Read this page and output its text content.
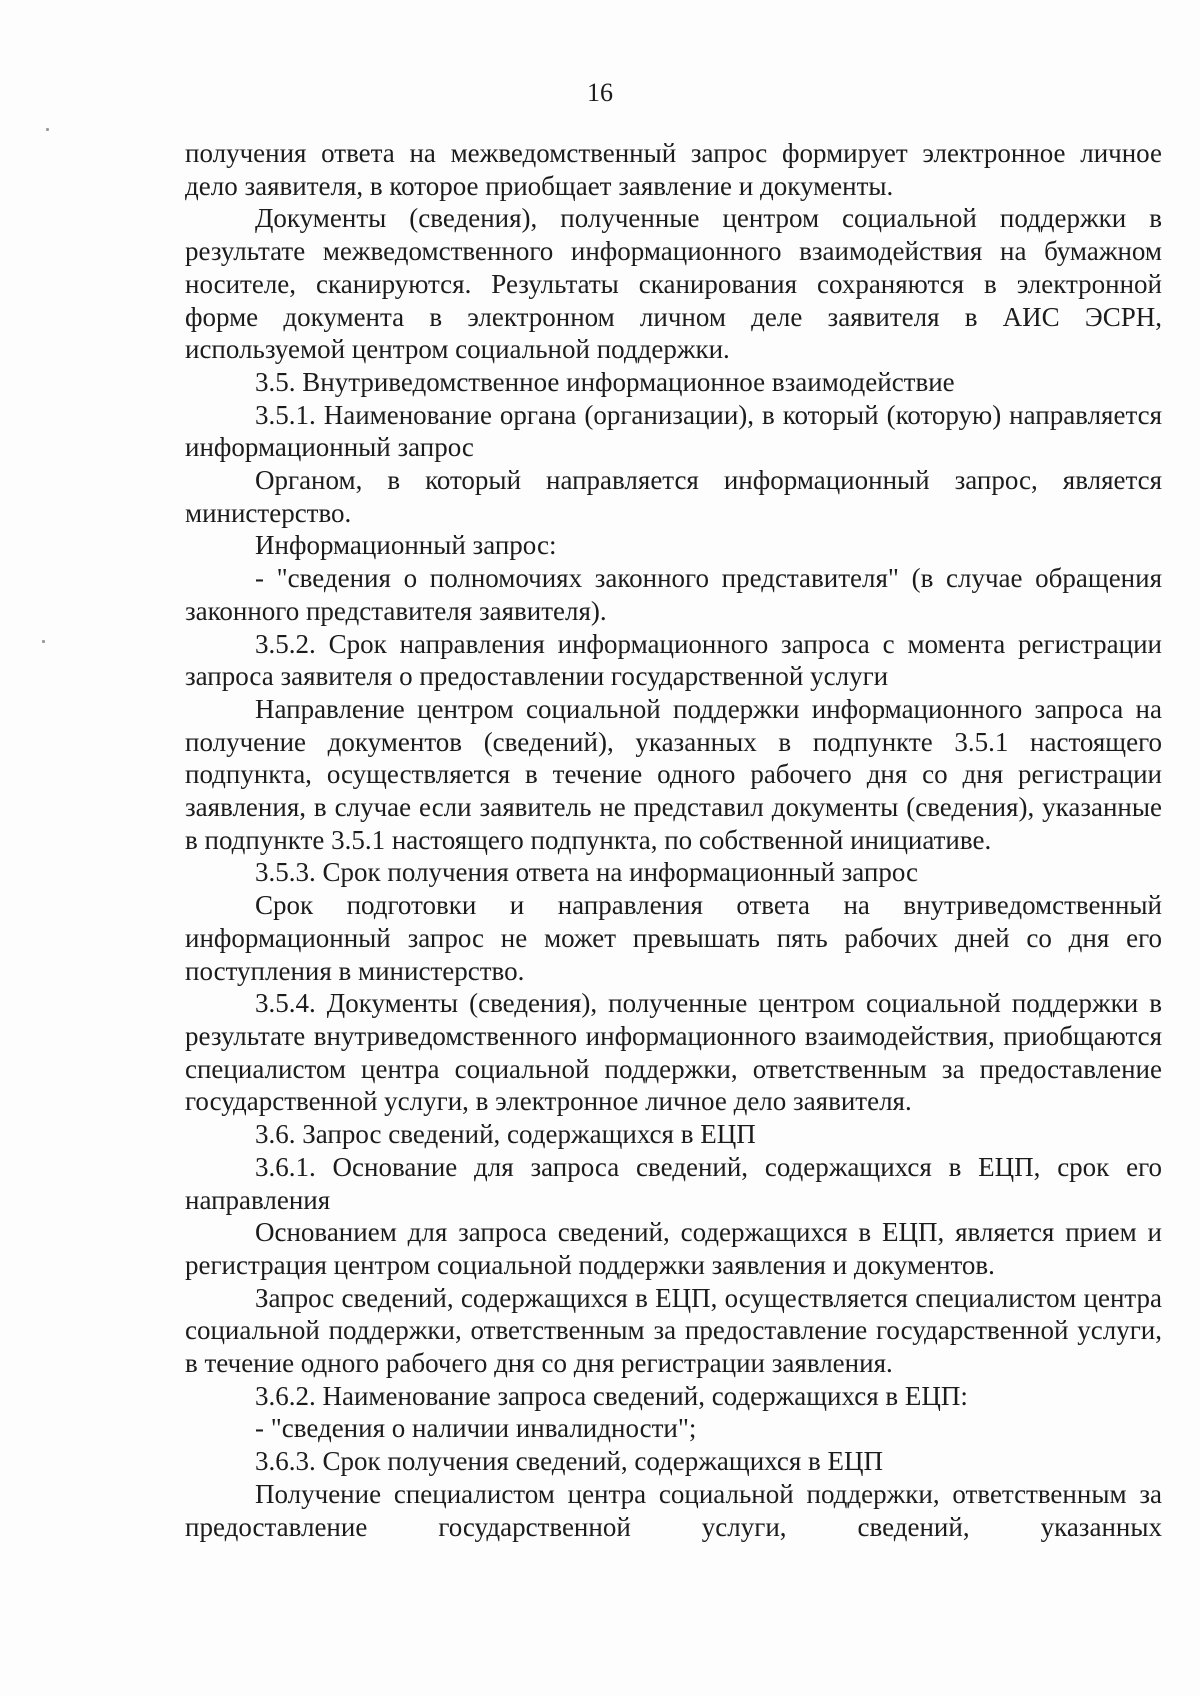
16

получения ответа на межведомственный запрос формирует электронное личное дело заявителя, в которое приобщает заявление и документы.

Документы (сведения), полученные центром социальной поддержки в результате межведомственного информационного взаимодействия на бумажном носителе, сканируются. Результаты сканирования сохраняются в электронной форме документа в электронном личном деле заявителя в АИС ЭСРН, используемой центром социальной поддержки.

3.5. Внутриведомственное информационное взаимодействие

3.5.1. Наименование органа (организации), в который (которую) направляется информационный запрос

Органом, в который направляется информационный запрос, является министерство.

Информационный запрос:

- "сведения о полномочиях законного представителя" (в случае обращения законного представителя заявителя).

3.5.2. Срок направления информационного запроса с момента регистрации запроса заявителя о предоставлении государственной услуги

Направление центром социальной поддержки информационного запроса на получение документов (сведений), указанных в подпункте 3.5.1 настоящего подпункта, осуществляется в течение одного рабочего дня со дня регистрации заявления, в случае если заявитель не представил документы (сведения), указанные в подпункте 3.5.1 настоящего подпункта, по собственной инициативе.

3.5.3. Срок получения ответа на информационный запрос

Срок подготовки и направления ответа на внутриведомственный информационный запрос не может превышать пять рабочих дней со дня его поступления в министерство.

3.5.4. Документы (сведения), полученные центром социальной поддержки в результате внутриведомственного информационного взаимодействия, приобщаются специалистом центра социальной поддержки, ответственным за предоставление государственной услуги, в электронное личное дело заявителя.

3.6. Запрос сведений, содержащихся в ЕЦП

3.6.1. Основание для запроса сведений, содержащихся в ЕЦП, срок его направления

Основанием для запроса сведений, содержащихся в ЕЦП, является прием и регистрация центром социальной поддержки заявления и документов.

Запрос сведений, содержащихся в ЕЦП, осуществляется специалистом центра социальной поддержки, ответственным за предоставление государственной услуги, в течение одного рабочего дня со дня регистрации заявления.

3.6.2. Наименование запроса сведений, содержащихся в ЕЦП:

- "сведения о наличии инвалидности";

3.6.3. Срок получения сведений, содержащихся в ЕЦП

Получение специалистом центра социальной поддержки, ответственным за предоставление государственной услуги, сведений, указанных
